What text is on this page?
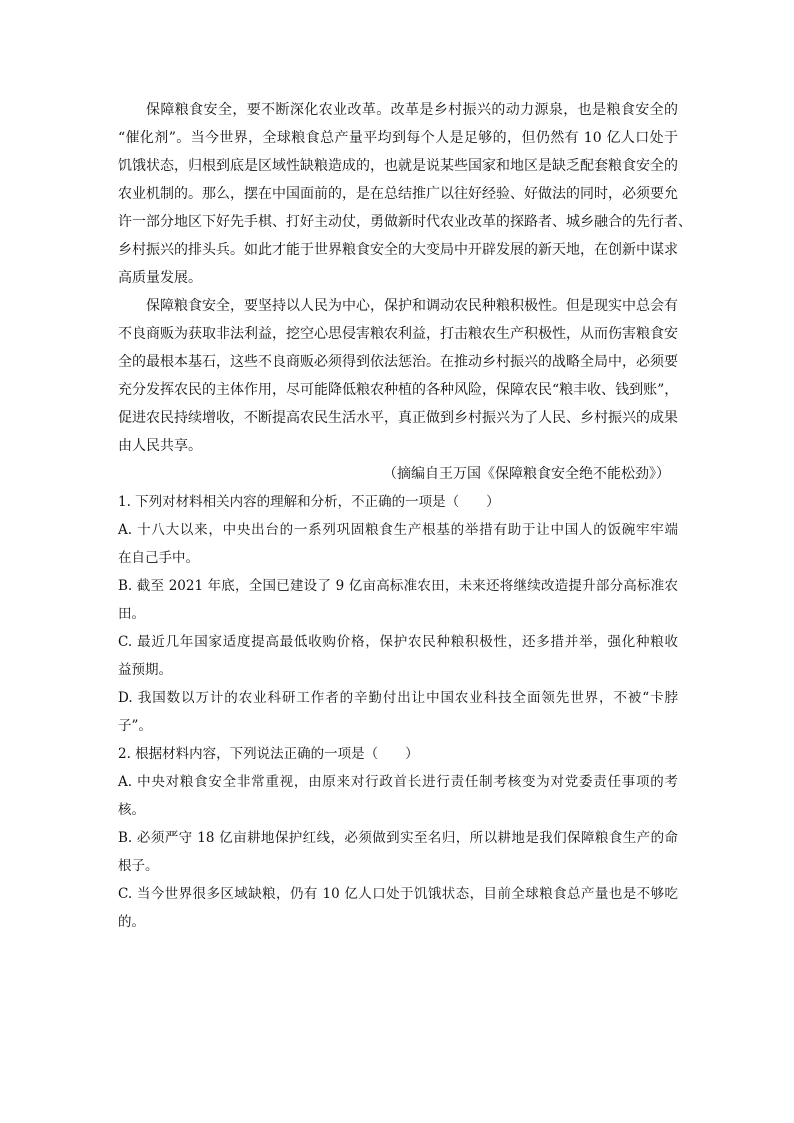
保障粮食安全，要不断深化农业改革。改革是乡村振兴的动力源泉，也是粮食安全的
“催化剂”。当今世界，全球粮食总产量平均到每个人是足够的，但仍然有 10 亿人口处于
饥饿状态，归根到底是区域性缺粮造成的，也就是说某些国家和地区是缺乏配套粮食安全的
农业机制的。那么，摆在中国面前的，是在总结推广以往好经验、好做法的同时，必须要允
许一部分地区下好先手棋、打好主动仗，勇做新时代农业改革的探路者、城乡融合的先行者、
乡村振兴的排头兵。如此才能于世界粮食安全的大变局中开辟发展的新天地，在创新中谋求
高质量发展。
保障粮食安全，要坚持以人民为中心，保护和调动农民种粮积极性。但是现实中总会有
不良商贩为获取非法利益，挖空心思侵害粮农利益，打击粮农生产积极性，从而伤害粮食安
全的最根本基石，这些不良商贩必须得到依法惩治。在推动乡村振兴的战略全局中，必须要
充分发挥农民的主体作用，尽可能降低粮农种植的各种风险，保障农民“粮丰收、钱到账”，
促进农民持续增收，不断提高农民生活水平，真正做到乡村振兴为了人民、乡村振兴的成果
由人民共享。
（摘编自王万国《保障粮食安全绝不能松劲》）
1. 下列对材料相关内容的理解和分析，不正确的一项是（　　）
A. 十八大以来，中央出台的一系列巩固粮食生产根基的举措有助于让中国人的饭碗牢牢端
在自己手中。
B. 截至 2021 年底，全国已建设了 9 亿亩高标准农田，未来还将继续改造提升部分高标准农
田。
C. 最近几年国家适度提高最低收购价格，保护农民种粮积极性，还多措并举，强化种粮收
益预期。
D. 我国数以万计的农业科研工作者的辛勤付出让中国农业科技全面领先世界，不被“卡脖
子”。
2. 根据材料内容，下列说法正确的一项是（　　）
A. 中央对粮食安全非常重视，由原来对行政首长进行责任制考核变为对党委责任事项的考
核。
B. 必须严守 18 亿亩耕地保护红线，必须做到实至名归，所以耕地是我们保障粮食生产的命
根子。
C. 当今世界很多区域缺粮，仍有 10 亿人口处于饥饿状态，目前全球粮食总产量也是不够吃
的。
